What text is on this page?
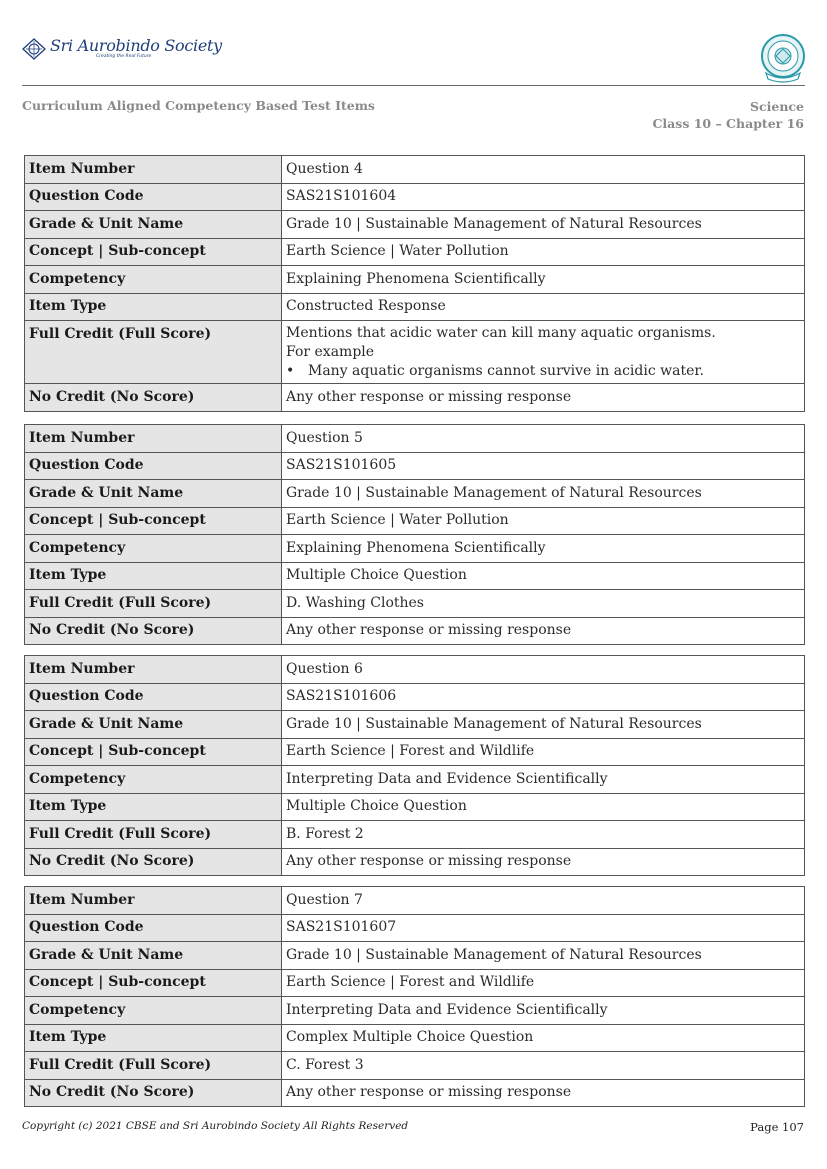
Sri Aurobindo Society
Creating the Real Future
Curriculum Aligned Competency Based Test Items	Science
Class 10 – Chapter 16
Item Number	Question 4
Question Code	SAS21S101604
Grade & Unit Name	Grade 10 | Sustainable Management of Natural Resources
Concept | Sub-concept	Earth Science | Water Pollution
Competency	Explaining Phenomena Scientifically
Item Type	Constructed Response
Full Credit (Full Score)	Mentions that acidic water can kill many aquatic organisms.
For example
• Many aquatic organisms cannot survive in acidic water.

No Credit (No Score)	Any other response or missing response
Item Number	Question 5
Question Code	SAS21S101605
Grade & Unit Name	Grade 10 | Sustainable Management of Natural Resources
Concept | Sub-concept	Earth Science | Water Pollution
Competency	Explaining Phenomena Scientifically
Item Type	Multiple Choice Question
Full Credit (Full Score)	D. Washing Clothes
No Credit (No Score)	Any other response or missing response
Item Number	Question 6
Question Code	SAS21S101606
Grade & Unit Name	Grade 10 | Sustainable Management of Natural Resources
Concept | Sub-concept	Earth Science | Forest and Wildlife
Competency	Interpreting Data and Evidence Scientifically
Item Type	Multiple Choice Question
Full Credit (Full Score)	B. Forest 2
No Credit (No Score)	Any other response or missing response
Item Number	Question 7
Question Code	SAS21S101607
Grade & Unit Name	Grade 10 | Sustainable Management of Natural Resources
Concept | Sub-concept	Earth Science | Forest and Wildlife
Competency	Interpreting Data and Evidence Scientifically
Item Type	Complex Multiple Choice Question
Full Credit (Full Score)	C. Forest 3
No Credit (No Score)	Any other response or missing response
Copyright (c) 2021 CBSE and Sri Aurobindo Society All Rights Reserved	Page 107
